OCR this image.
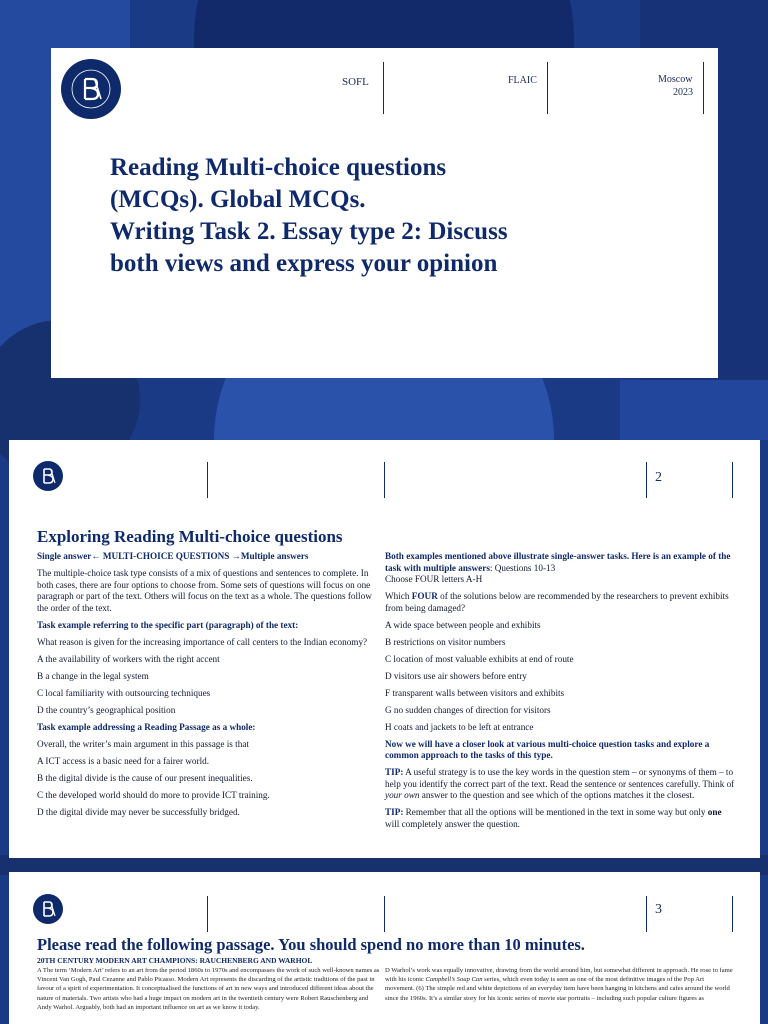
SOFL	FLAIC	Moscow
2023
Reading Multi-choice questions
(MCQs). Global MCQs.
Writing Task 2. Essay type 2: Discuss
both views and express your opinion
2
Exploring Reading Multi-choice questions

Single answer← MULTI-CHOICE QUESTIONS →Multiple answers

The multiple-choice task type consists of a mix of questions and sentences to complete. In both cases, there are four options to choose from. Some sets of questions will focus on one paragraph or part of the text. Others will focus on the text as a whole. The questions follow the order of the text.

Task example referring to the specific part (paragraph) of the text:

What reason is given for the increasing importance of call centers to the Indian economy?

A the availability of workers with the right accent

B a change in the legal system

C local familiarity with outsourcing techniques

D the country’s geographical position

Task example addressing a Reading Passage as a whole:

Overall, the writer’s main argument in this passage is that

A ICT access is a basic need for a fairer world.

B the digital divide is the cause of our present inequalities.

C the developed world should do more to provide ICT training.

D the digital divide may never be successfully bridged.

Both examples mentioned above illustrate single-answer tasks. Here is an example of the task with multiple answers: Questions 10-13

Choose FOUR letters A-H

Which FOUR of the solutions below are recommended by the researchers to prevent exhibits from being damaged?

A wide space between people and exhibits

B restrictions on visitor numbers

C location of most valuable exhibits at end of route

D visitors use air showers before entry

F transparent walls between visitors and exhibits

G no sudden changes of direction for visitors

H coats and jackets to be left at entrance

Now we will have a closer look at various multi-choice question tasks and explore a common approach to the tasks of this type.

TIP: A useful strategy is to use the key words in the question stem – or synonyms of them – to help you identify the correct part of the text. Read the sentence or sentences carefully. Think of your own answer to the question and see which of the options matches it the closest.

TIP: Remember that all the options will be mentioned in the text in some way but only one will completely answer the question.

3
Please read the following passage. You should spend no more than 10 minutes.
20TH CENTURY MODERN ART CHAMPIONS: RAUCHENBERG AND WARHOL
A The term ‘Modern Art’ refers to an art from the period 1860s to 1970s and encompasses the work of such well-known names as Vincent Van Gogh, Paul Cezanne and Pablo Picasso. Modern Art represents the discarding of the artistic traditions of the past in favour of a spirit of experimentation. It conceptualised the functions of art in new ways and introduced different ideas about the nature of materials. Two artists who had a huge impact on modern art in the twentieth century were Robert Rauschenberg and Andy Warhol. Arguably, both had an important influence on art as we know it today.
D Warhol’s work was equally innovative, drawing from the world around him, but somewhat different in approach. He rose to fame with his iconic Campbell’s Soup Can series, which even today is seen as one of the most definitive images of the Pop Art movement. (6) The simple red and white depictions of an everyday item have been hanging in kitchens and cafes around the world since the 1960s. It’s a similar story for his iconic series of movie star portraits – including such popular culture figures as
